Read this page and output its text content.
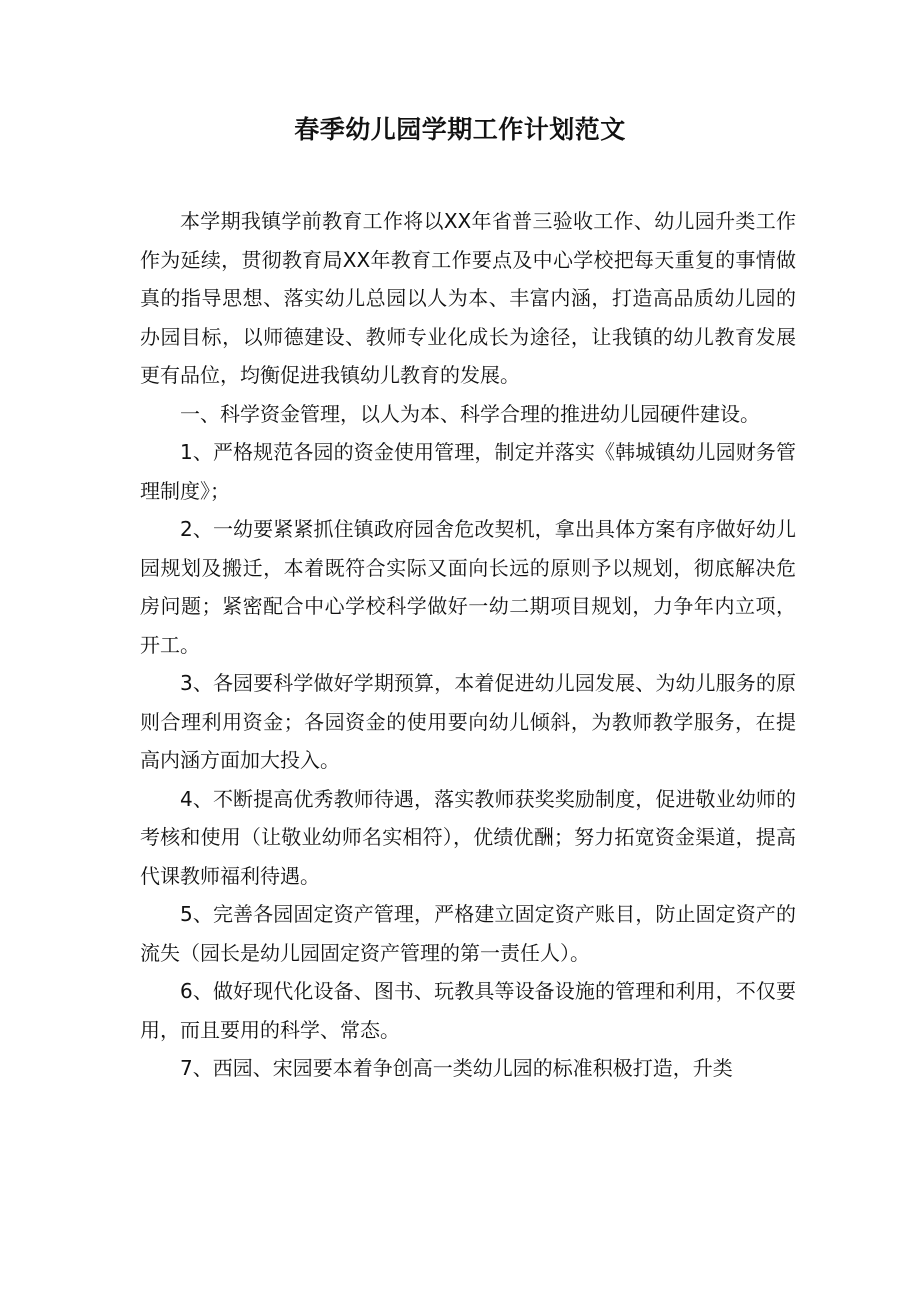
春季幼儿园学期工作计划范文

本学期我镇学前教育工作将以XX年省普三验收工作、幼儿园升类工作作为延续，贯彻教育局XX年教育工作要点及中心学校把每天重复的事情做真的指导思想、落实幼儿总园以人为本、丰富内涵，打造高品质幼儿园的办园目标，以师德建设、教师专业化成长为途径，让我镇的幼儿教育发展更有品位，均衡促进我镇幼儿教育的发展。

一、科学资金管理，以人为本、科学合理的推进幼儿园硬件建设。

1、严格规范各园的资金使用管理，制定并落实《韩城镇幼儿园财务管理制度》；

2、一幼要紧紧抓住镇政府园舍危改契机，拿出具体方案有序做好幼儿园规划及搬迁，本着既符合实际又面向长远的原则予以规划，彻底解决危房问题；紧密配合中心学校科学做好一幼二期项目规划，力争年内立项，开工。

3、各园要科学做好学期预算，本着促进幼儿园发展、为幼儿服务的原则合理利用资金；各园资金的使用要向幼儿倾斜，为教师教学服务，在提高内涵方面加大投入。

4、不断提高优秀教师待遇，落实教师获奖奖励制度，促进敬业幼师的考核和使用（让敬业幼师名实相符），优绩优酬；努力拓宽资金渠道，提高代课教师福利待遇。

5、完善各园固定资产管理，严格建立固定资产账目，防止固定资产的流失（园长是幼儿园固定资产管理的第一责任人）。

6、做好现代化设备、图书、玩教具等设备设施的管理和利用，不仅要用，而且要用的科学、常态。

7、西园、宋园要本着争创高一类幼儿园的标准积极打造，升类
